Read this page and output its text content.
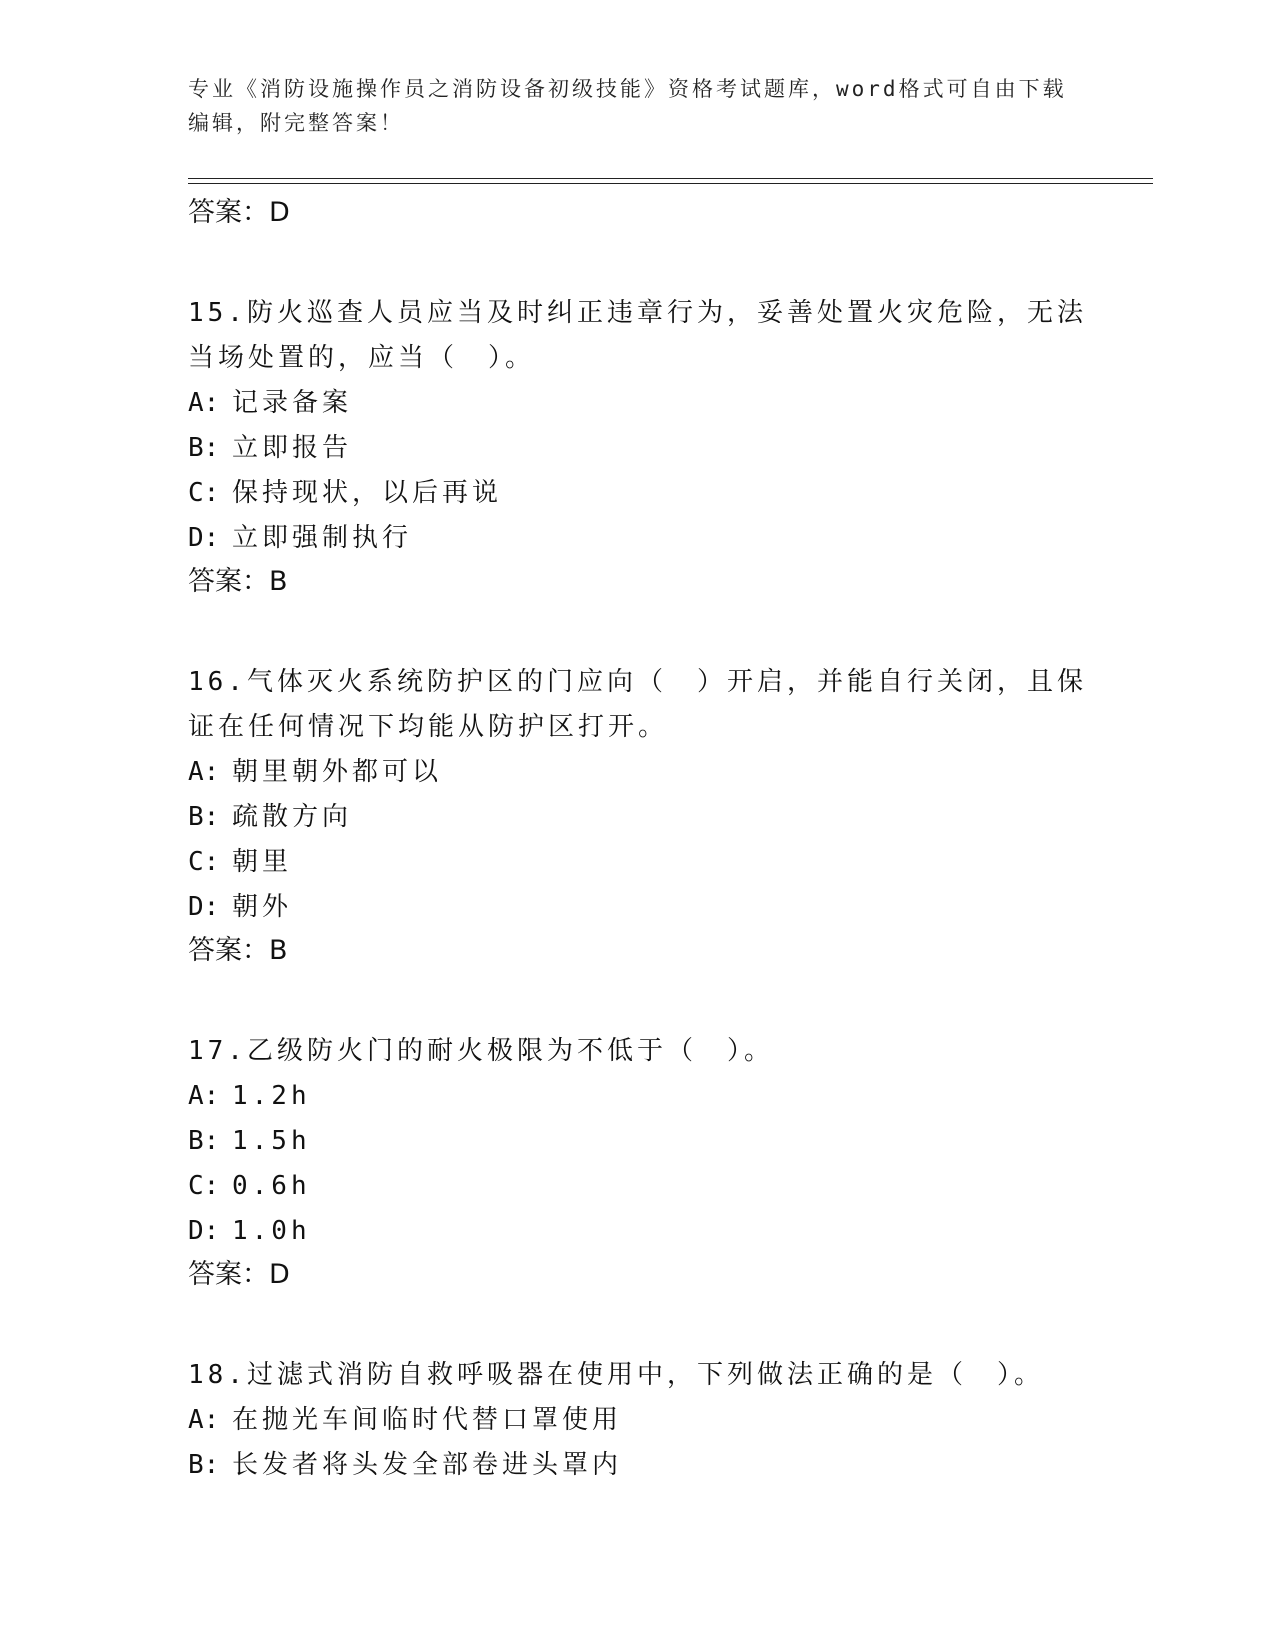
专业《消防设施操作员之消防设备初级技能》资格考试题库，word格式可自由下载编辑，附完整答案！
答案：D
15.防火巡查人员应当及时纠正违章行为，妥善处置火灾危险，无法当场处置的，应当（　）。
A: 记录备案
B: 立即报告
C: 保持现状，以后再说
D: 立即强制执行
答案：B
16.气体灭火系统防护区的门应向（　）开启，并能自行关闭，且保证在任何情况下均能从防护区打开。
A: 朝里朝外都可以
B: 疏散方向
C: 朝里
D: 朝外
答案：B
17.乙级防火门的耐火极限为不低于（　）。
A: 1.2h
B: 1.5h
C: 0.6h
D: 1.0h
答案：D
18.过滤式消防自救呼吸器在使用中，下列做法正确的是（　）。
A: 在抛光车间临时代替口罩使用
B: 长发者将头发全部卷进头罩内
